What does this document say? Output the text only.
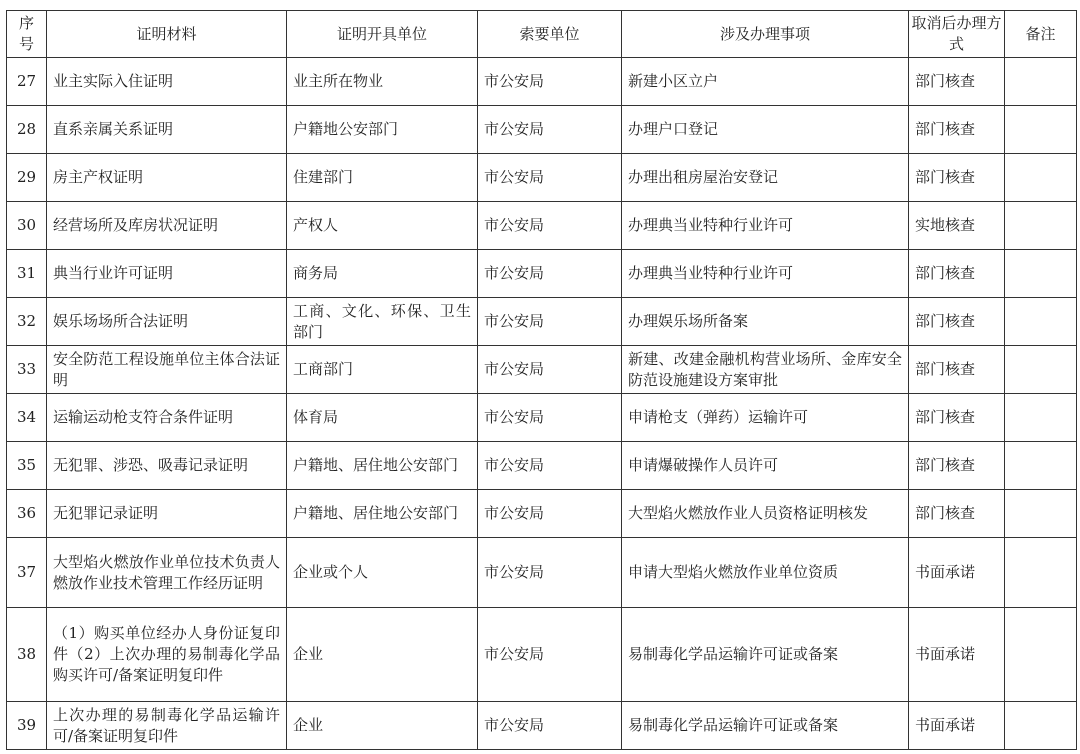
序号	证明材料	证明开具单位	索要单位	涉及办理事项	取消后办理方式	备注
27	业主实际入住证明	业主所在物业	市公安局	新建小区立户	部门核查	
28	直系亲属关系证明	户籍地公安部门	市公安局	办理户口登记	部门核查	
29	房主产权证明	住建部门	市公安局	办理出租房屋治安登记	部门核查	
30	经营场所及库房状况证明	产权人	市公安局	办理典当业特种行业许可	实地核查	
31	典当行业许可证明	商务局	市公安局	办理典当业特种行业许可	部门核查	
32	娱乐场场所合法证明	工商、文化、环保、卫生部门	市公安局	办理娱乐场所备案	部门核查	
33	安全防范工程设施单位主体合法证明	工商部门	市公安局	新建、改建金融机构营业场所、金库安全防范设施建设方案审批	部门核查	
34	运输运动枪支符合条件证明	体育局	市公安局	申请枪支（弹药）运输许可	部门核查	
35	无犯罪、涉恐、吸毒记录证明	户籍地、居住地公安部门	市公安局	申请爆破操作人员许可	部门核查	
36	无犯罪记录证明	户籍地、居住地公安部门	市公安局	大型焰火燃放作业人员资格证明核发	部门核查	
37	大型焰火燃放作业单位技术负责人燃放作业技术管理工作经历证明	企业或个人	市公安局	申请大型焰火燃放作业单位资质	书面承诺	
38	（1）购买单位经办人身份证复印件（2）上次办理的易制毒化学品购买许可/备案证明复印件	企业	市公安局	易制毒化学品运输许可证或备案	书面承诺	
39	上次办理的易制毒化学品运输许可/备案证明复印件	企业	市公安局	易制毒化学品运输许可证或备案	书面承诺	
